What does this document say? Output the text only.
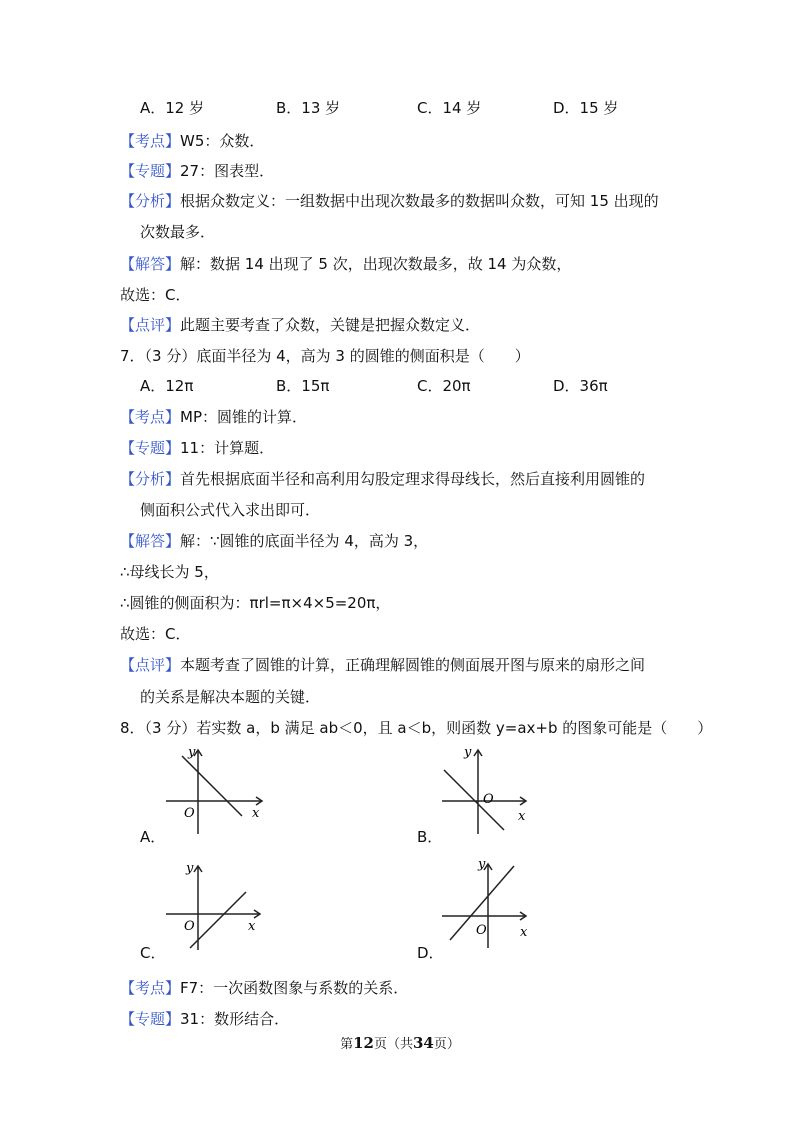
A．12 岁	B．13 岁	C．14 岁	D．15 岁
【考点】W5：众数．
【专题】27：图表型．
【分析】根据众数定义：一组数据中出现次数最多的数据叫众数，可知 15 出现的
次数最多．
【解答】解：数据 14 出现了 5 次，出现次数最多，故 14 为众数，
故选：C．
【点评】此题主要考查了众数，关键是把握众数定义．
7．（3 分）底面半径为 4，高为 3 的圆锥的侧面积是（　　）
A．12π	B．15π	C．20π	D．36π
【考点】MP：圆锥的计算．
【专题】11：计算题．
【分析】首先根据底面半径和高利用勾股定理求得母线长，然后直接利用圆锥的
侧面积公式代入求出即可．
【解答】解：∵圆锥的底面半径为 4，高为 3，
∴母线长为 5，
∴圆锥的侧面积为：πrl=π×4×5=20π，
故选：C．
【点评】本题考查了圆锥的计算，正确理解圆锥的侧面展开图与原来的扇形之间
的关系是解决本题的关键．
8．（3 分）若实数 a，b 满足 ab＜0，且 a＜b，则函数 y=ax+b 的图象可能是（　　）
x
y
O
A．
x
y
O
B．
x
y
O
C．
x
y
O
D．
【考点】F7：一次函数图象与系数的关系．
【专题】31：数形结合．
第12页（共34页）
